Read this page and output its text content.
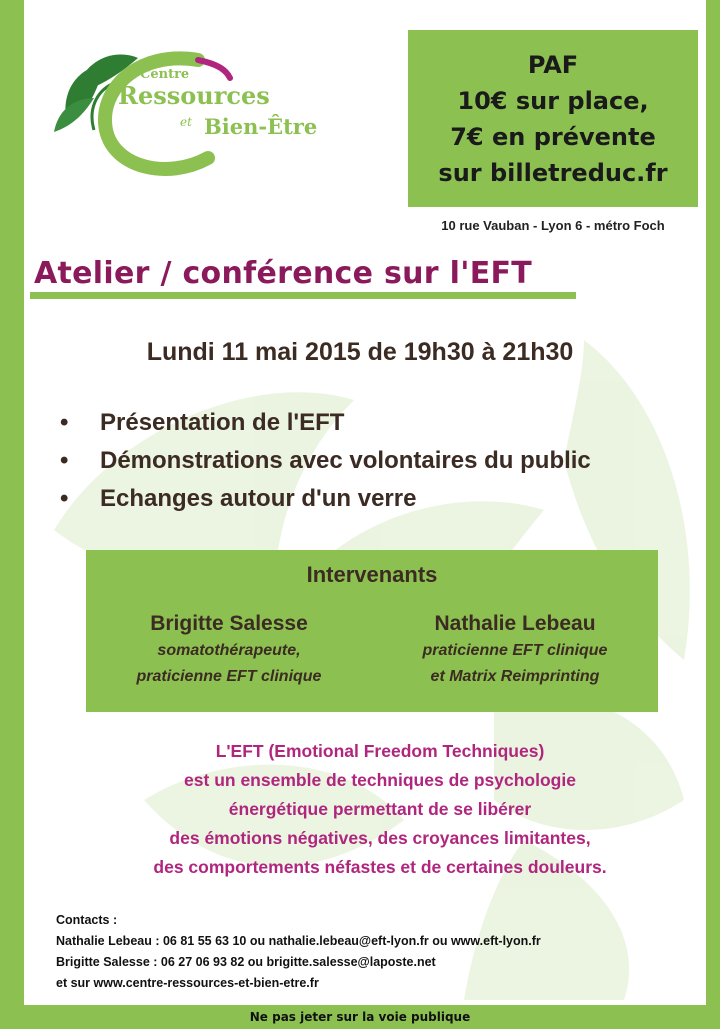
Centre
Ressources
et Bien-Être
PAF
10€ sur place,
7€ en prévente
sur billetreduc.fr
10 rue Vauban - Lyon 6 - métro Foch
Atelier / conférence sur l'EFT
Lundi 11 mai 2015 de 19h30 à 21h30
•	Présentation de l'EFT
•	Démonstrations avec volontaires du public
•	Echanges autour d'un verre
Intervenants
Brigitte Salesse
somatothérapeute,
praticienne EFT clinique
Nathalie Lebeau
praticienne EFT clinique
et Matrix Reimprinting
L'EFT (Emotional Freedom Techniques)
est un ensemble de techniques de psychologie
énergétique permettant de se libérer
des émotions négatives, des croyances limitantes,
des comportements néfastes et de certaines douleurs.
Contacts :
Nathalie Lebeau : 06 81 55 63 10 ou nathalie.lebeau@eft-lyon.fr ou www.eft-lyon.fr
Brigitte Salesse : 06 27 06 93 82 ou brigitte.salesse@laposte.net
et sur www.centre-ressources-et-bien-etre.fr
Ne pas jeter sur la voie publique
